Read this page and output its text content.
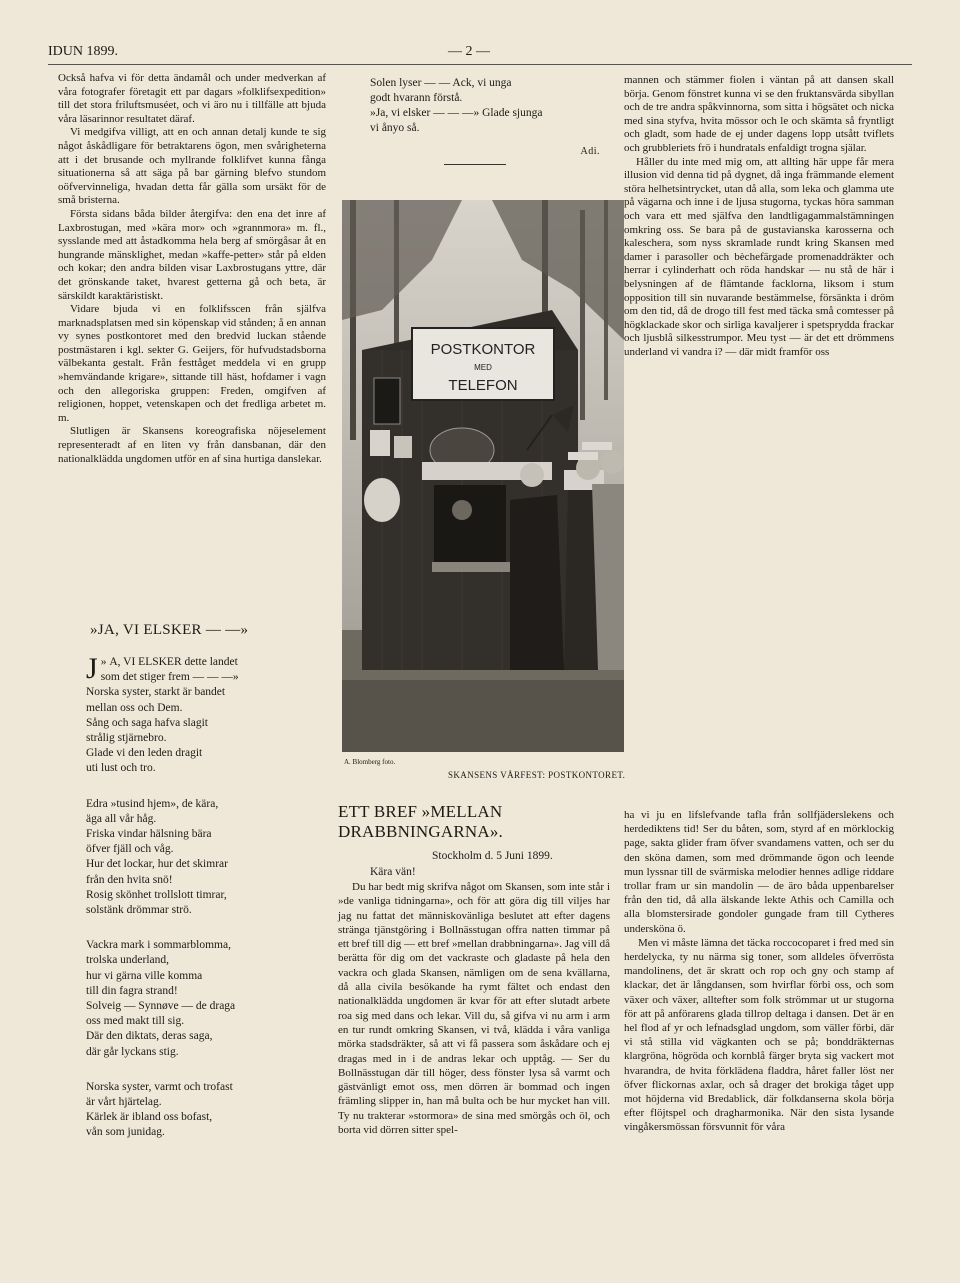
IDUN 1899.	— 2 —

Också hafva vi för detta ändamål och under medverkan af våra fotografer företagit ett par dagars »folklifsexpedition» till det stora friluftsmuséet, och vi äro nu i tillfälle att bjuda våra läsarinnor resultatet däraf.

Vi medgifva villigt, att en och annan detalj kunde te sig något åskådligare för betraktarens ögon, men svårigheterna att i det brusande och myllrande folklifvet kunna fånga situationerna så att säga på bar gärning blefvo stundom oöfvervinneliga, hvadan detta får gälla som ursäkt för de små bristerna.

Första sidans båda bilder återgifva: den ena det inre af Laxbrostugan, med »kära mor» och »grannmora» m. fl., sysslande med att åstadkomma hela berg af smörgåsar åt en hungrande mänsklighet, medan »kaffe-petter» står på elden och kokar; den andra bilden visar Laxbrostugans yttre, där det grönskande taket, hvarest getterna gå och beta, är särskildt karaktäristiskt.

Vidare bjuda vi en folklifsscen från själfva marknadsplatsen med sin köpenskap vid stånden; å en annan vy synes postkontoret med den bredvid luckan stående postmästaren i kgl. sekter G. Geijers, för hufvudstadsborna välbekanta gestalt. Från festtåget meddela vi en grupp »hemvändande krigare», sittande till häst, hofdamer i vagn och den allegoriska gruppen: Freden, omgifven af religionen, hoppet, vetenskapen och det fredliga arbetet m. m.

Slutligen är Skansens koreografiska nöjeselement representeradt af en liten vy från dansbanan, där den nationalklädda ungdomen utför en af sina hurtiga danslekar.

»JA, VI ELSKER — —»
»
J A, VI ELSKER dette landet
som det stiger frem — — —»
Norska syster, starkt är bandet
mellan oss och Dem.
Sång och saga hafva slagit
strålig stjärnebro.
Glade vi den leden dragit
uti lust och tro.
Edra »tusind hjem», de kära,
äga all vår håg.
Friska vindar hälsning bära
öfver fjäll och våg.
Hur det lockar, hur det skimrar
från den hvita snö!
Rosig skönhet trollslott timrar,
solstänk drömmar strö.
Vackra mark i sommarblomma,
trolska underland,
hur vi gärna ville komma
till din fagra strand!
Solveig — Synnøve — de draga
oss med makt till sig.
Där den diktats, deras saga,
där går lyckans stig.
Norska syster, varmt och trofast
är vårt hjärtelag.
Kärlek är ibland oss bofast,
vån som junidag.
Solen lyser — — Ack, vi unga
godt hvarann förstå.
»Ja, vi elsker — — —» Glade sjunga
vi ånyo så.
Adi.
POSTKONTOR
MED
TELEFON
A. Blomberg foto.
SKANSENS VÅRFEST: POSTKONTORET.

mannen och stämmer fiolen i väntan på att dansen skall börja. Genom fönstret kunna vi se den fruktansvärda sibyllan och de tre andra spåkvinnorna, som sitta i högsätet och nicka med sina styfva, hvita mössor och le och skämta så fryntligt och gladt, som hade de ej under dagens lopp utsått tviflets och grubbleriets frö i hundratals enfaldigt trogna själar.

Håller du inte med mig om, att allting här uppe får mera illusion vid denna tid på dygnet, då inga främmande element störa helhetsintrycket, utan då alla, som leka och glamma ute på vägarna och inne i de ljusa stugorna, tyckas höra samman och vara ett med själfva den landtligagammalstämningen omkring oss. Se bara på de gustavianska karosserna och kaleschera, som nyss skramlade rundt kring Skansen med damer i parasoller och bèchefärgade promenaddräkter och herrar i cylinderhatt och röda handskar — nu stå de här i belysningen af de flämtande facklorna, liksom i stum opposition till sin nuvarande bestämmelse, försänkta i dröm om den tid, då de drogo till fest med täcka små comtesser på högklackade skor och sirliga kavaljerer i spetsprydda frackar och ljusblå silkesstrumpor. Meu tyst — är det ett drömmens underland vi vandra i? — där midt framför oss

ETT BREF »MELLAN DRABBNINGARNA».
Stockholm d. 5 Juni 1899.
Kära vän!

Du har bedt mig skrifva något om Skansen, som inte står i »de vanliga tidningarna», och för att göra dig till viljes har jag nu fattat det människovänliga beslutet att efter dagens stränga tjänstgöring i Bollnässtugan offra natten timmar på ett bref till dig — ett bref »mellan drabbningarna». Jag vill då berätta för dig om det vackraste och gladaste på hela den vackra och glada Skansen, nämligen om de sena kvällarna, då alla civila besökande ha rymt fältet och endast den nationalklädda ungdomen är kvar för att efter slutadt arbete roa sig med dans och lekar. Vill du, så gifva vi nu arm i arm en tur rundt omkring Skansen, vi två, klädda i våra vanliga mörka stadsdräkter, så att vi få passera som åskådare och ej dragas med in i de andras lekar och upptåg. — Ser du Bollnässtugan där till höger, dess fönster lysa så varmt och gästvänligt emot oss, men dörren är bommad och ingen främling slipper in, han må bulta och be hur mycket han vill. Ty nu trakterar »stormora» de sina med smörgås och öl, och borta vid dörren sitter spel-

ha vi ju en lifslefvande tafla från sollfjäderslekens och herdediktens tid! Ser du båten, som, styrd af en mörklockig page, sakta glider fram öfver svandamens vatten, och ser du den sköna damen, som med drömmande ögon och leende mun lyssnar till de svärmiska melodier hennes adlige riddare trollar fram ur sin mandolin — de äro båda uppenbarelser från den tid, då alla älskande lekte Athis och Camilla och alla blomstersirade gondoler gungade fram till Cytheres undersköna ö.

Men vi måste lämna det täcka roccocoparet i fred med sin herdelycka, ty nu närma sig toner, som alldeles öfverrösta mandolinens, det är skratt och rop och gny och stamp af klackar, det är långdansen, som hvirflar förbi oss, och som växer och växer, alltefter som folk strömmar ut ur stugorna för att på anförarens glada tillrop deltaga i dansen. Det är en hel flod af yr och lefnadsglad ungdom, som väller förbi, där vi stå stilla vid vägkanten och se på; bonddräkternas klargröna, högröda och kornblå färger bryta sig vackert mot hvarandra, de hvita förklädena fladdra, håret faller löst ner öfver flickornas axlar, och så drager det brokiga tåget upp mot höjderna vid Bredablick, där folkdanserna skola börja efter flöjtspel och dragharmonika. När den sista lysande vingåkersmössan försvunnit för våra
